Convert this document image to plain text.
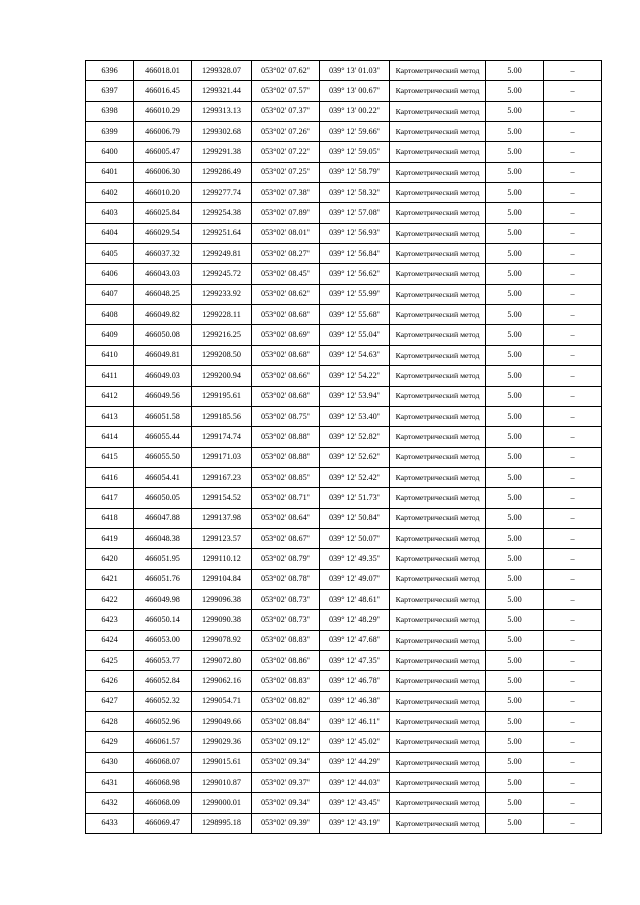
6396	466018.01	1299328.07	053°02' 07.62"	039° 13' 01.03"	Картометрический метод	5.00	–
6397	466016.45	1299321.44	053°02' 07.57"	039° 13' 00.67"	Картометрический метод	5.00	–
6398	466010.29	1299313.13	053°02' 07.37"	039° 13' 00.22"	Картометрический метод	5.00	–
6399	466006.79	1299302.68	053°02' 07.26"	039° 12' 59.66"	Картометрический метод	5.00	–
6400	466005.47	1299291.38	053°02' 07.22"	039° 12' 59.05"	Картометрический метод	5.00	–
6401	466006.30	1299286.49	053°02' 07.25"	039° 12' 58.79"	Картометрический метод	5.00	–
6402	466010.20	1299277.74	053°02' 07.38"	039° 12' 58.32"	Картометрический метод	5.00	–
6403	466025.84	1299254.38	053°02' 07.89"	039° 12' 57.08"	Картометрический метод	5.00	–
6404	466029.54	1299251.64	053°02' 08.01"	039° 12' 56.93"	Картометрический метод	5.00	–
6405	466037.32	1299249.81	053°02' 08.27"	039° 12' 56.84"	Картометрический метод	5.00	–
6406	466043.03	1299245.72	053°02' 08.45"	039° 12' 56.62"	Картометрический метод	5.00	–
6407	466048.25	1299233.92	053°02' 08.62"	039° 12' 55.99"	Картометрический метод	5.00	–
6408	466049.82	1299228.11	053°02' 08.68"	039° 12' 55.68"	Картометрический метод	5.00	–
6409	466050.08	1299216.25	053°02' 08.69"	039° 12' 55.04"	Картометрический метод	5.00	–
6410	466049.81	1299208.50	053°02' 08.68"	039° 12' 54.63"	Картометрический метод	5.00	–
6411	466049.03	1299200.94	053°02' 08.66"	039° 12' 54.22"	Картометрический метод	5.00	–
6412	466049.56	1299195.61	053°02' 08.68"	039° 12' 53.94"	Картометрический метод	5.00	–
6413	466051.58	1299185.56	053°02' 08.75"	039° 12' 53.40"	Картометрический метод	5.00	–
6414	466055.44	1299174.74	053°02' 08.88"	039° 12' 52.82"	Картометрический метод	5.00	–
6415	466055.50	1299171.03	053°02' 08.88"	039° 12' 52.62"	Картометрический метод	5.00	–
6416	466054.41	1299167.23	053°02' 08.85"	039° 12' 52.42"	Картометрический метод	5.00	–
6417	466050.05	1299154.52	053°02' 08.71"	039° 12' 51.73"	Картометрический метод	5.00	–
6418	466047.88	1299137.98	053°02' 08.64"	039° 12' 50.84"	Картометрический метод	5.00	–
6419	466048.38	1299123.57	053°02' 08.67"	039° 12' 50.07"	Картометрический метод	5.00	–
6420	466051.95	1299110.12	053°02' 08.79"	039° 12' 49.35"	Картометрический метод	5.00	–
6421	466051.76	1299104.84	053°02' 08.78"	039° 12' 49.07"	Картометрический метод	5.00	–
6422	466049.98	1299096.38	053°02' 08.73"	039° 12' 48.61"	Картометрический метод	5.00	–
6423	466050.14	1299090.38	053°02' 08.73"	039° 12' 48.29"	Картометрический метод	5.00	–
6424	466053.00	1299078.92	053°02' 08.83"	039° 12' 47.68"	Картометрический метод	5.00	–
6425	466053.77	1299072.80	053°02' 08.86"	039° 12' 47.35"	Картометрический метод	5.00	–
6426	466052.84	1299062.16	053°02' 08.83"	039° 12' 46.78"	Картометрический метод	5.00	–
6427	466052.32	1299054.71	053°02' 08.82"	039° 12' 46.38"	Картометрический метод	5.00	–
6428	466052.96	1299049.66	053°02' 08.84"	039° 12' 46.11"	Картометрический метод	5.00	–
6429	466061.57	1299029.36	053°02' 09.12"	039° 12' 45.02"	Картометрический метод	5.00	–
6430	466068.07	1299015.61	053°02' 09.34"	039° 12' 44.29"	Картометрический метод	5.00	–
6431	466068.98	1299010.87	053°02' 09.37"	039° 12' 44.03"	Картометрический метод	5.00	–
6432	466068.09	1299000.01	053°02' 09.34"	039° 12' 43.45"	Картометрический метод	5.00	–
6433	466069.47	1298995.18	053°02' 09.39"	039° 12' 43.19"	Картометрический метод	5.00	–
